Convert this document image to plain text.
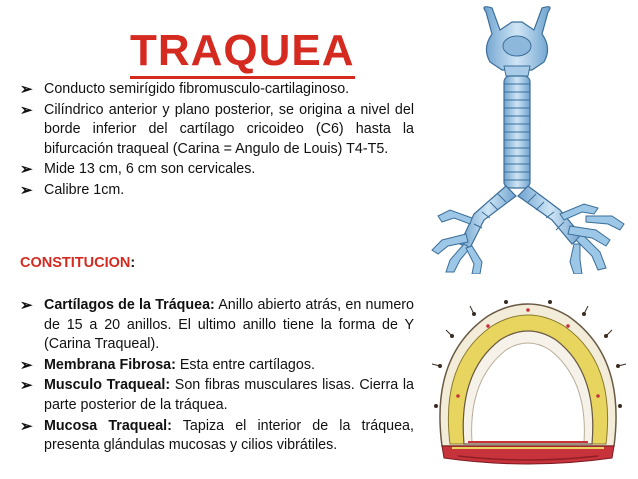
TRAQUEA
➢ Conducto semirígido fibromusculo-cartilaginoso.
➢ Cilíndrico anterior y plano posterior, se origina a nivel del borde inferior del cartílago cricoideo (C6) hasta la bifurcación traqueal (Carina = Angulo de Louis) T4-T5.
➢ Mide 13 cm, 6 cm son cervicales.
➢ Calibre 1cm.
CONSTITUCION:
➢ Cartílagos de la Tráquea: Anillo abierto atrás, en numero de 15 a 20 anillos. El ultimo anillo tiene la forma de Y (Carina Traqueal).
➢ Membrana Fibrosa: Esta entre cartílagos.
➢ Musculo Traqueal: Son fibras musculares lisas. Cierra la parte posterior de la tráquea.
➢ Mucosa Traqueal: Tapiza el interior de la tráquea, presenta glándulas mucosas y cilios vibrátiles.
